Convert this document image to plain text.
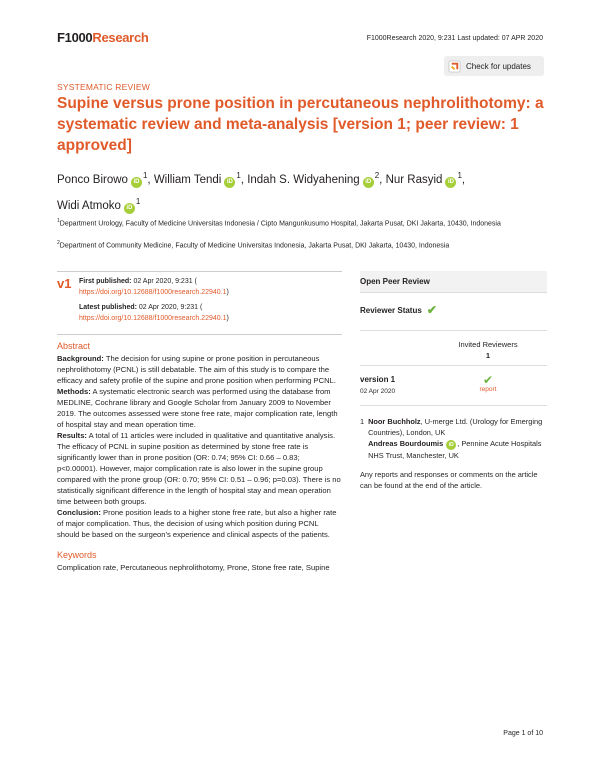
F1000Research	F1000Research 2020, 9:231 Last updated: 07 APR 2020
Check for updates
SYSTEMATIC REVIEW
Supine versus prone position in percutaneous nephrolithotomy: a systematic review and meta-analysis [version 1; peer review: 1 approved]
Ponco Birowo $iD^1$, William Tendi $iD^1$, Indah S. Widyahening $iD^2$, Nur Rasyid $iD^1$,
Widi Atmoko $iD^1$
$^1$Department Urology, Faculty of Medicine Universitas Indonesia / Cipto Mangunkusumo Hospital, Jakarta Pusat, DKI Jakarta, 10430, Indonesia
$^2$Department of Community Medicine, Faculty of Medicine Universitas Indonesia, Jakarta Pusat, DKI Jakarta, 10430, Indonesia
v1	First published: 02 Apr 2020, 9:231 (
https://doi.org/10.12688/f1000research.22940.1)
Latest published: 02 Apr 2020, 9:231 (
https://doi.org/10.12688/f1000research.22940.1)
Abstract

Background: The decision for using supine or prone position in percutaneous nephrolithotomy (PCNL) is still debatable. The aim of this study is to compare the efficacy and safety profile of the supine and prone position when performing PCNL.

Methods: A systematic electronic search was performed using the database from MEDLINE, Cochrane library and Google Scholar from January 2009 to November 2019. The outcomes assessed were stone free rate, major complication rate, length of hospital stay and mean operation time.

Results: A total of 11 articles were included in qualitative and quantitative analysis. The efficacy of PCNL in supine position as determined by stone free rate is significantly lower than in prone position (OR: 0.74; 95% CI: 0.66 – 0.83; p<0.00001). However, major complication rate is also lower in the supine group compared with the prone group (OR: 0.70; 95% CI: 0.51 – 0.96; p=0.03). There is no statistically significant difference in the length of hospital stay and mean operation time between both groups.

Conclusion: Prone position leads to a higher stone free rate, but also a higher rate of major complication. Thus, the decision of using which position during PCNL should be based on the surgeon's experience and clinical aspects of the patients.

Keywords
Complication rate, Percutaneous nephrolithotomy, Prone, Stone free rate, Supine
Open Peer Review
Reviewer Status ✔
Invited Reviewers
1
version 1
02 Apr 2020
✔
report
1 Noor Buchholz, U-merge Ltd. (Urology for Emerging Countries), London, UK
Andreas Bourdoumis iD , Pennine Acute Hospitals NHS Trust, Manchester, UK
Any reports and responses or comments on the article can be found at the end of the article.
Page 1 of 10
